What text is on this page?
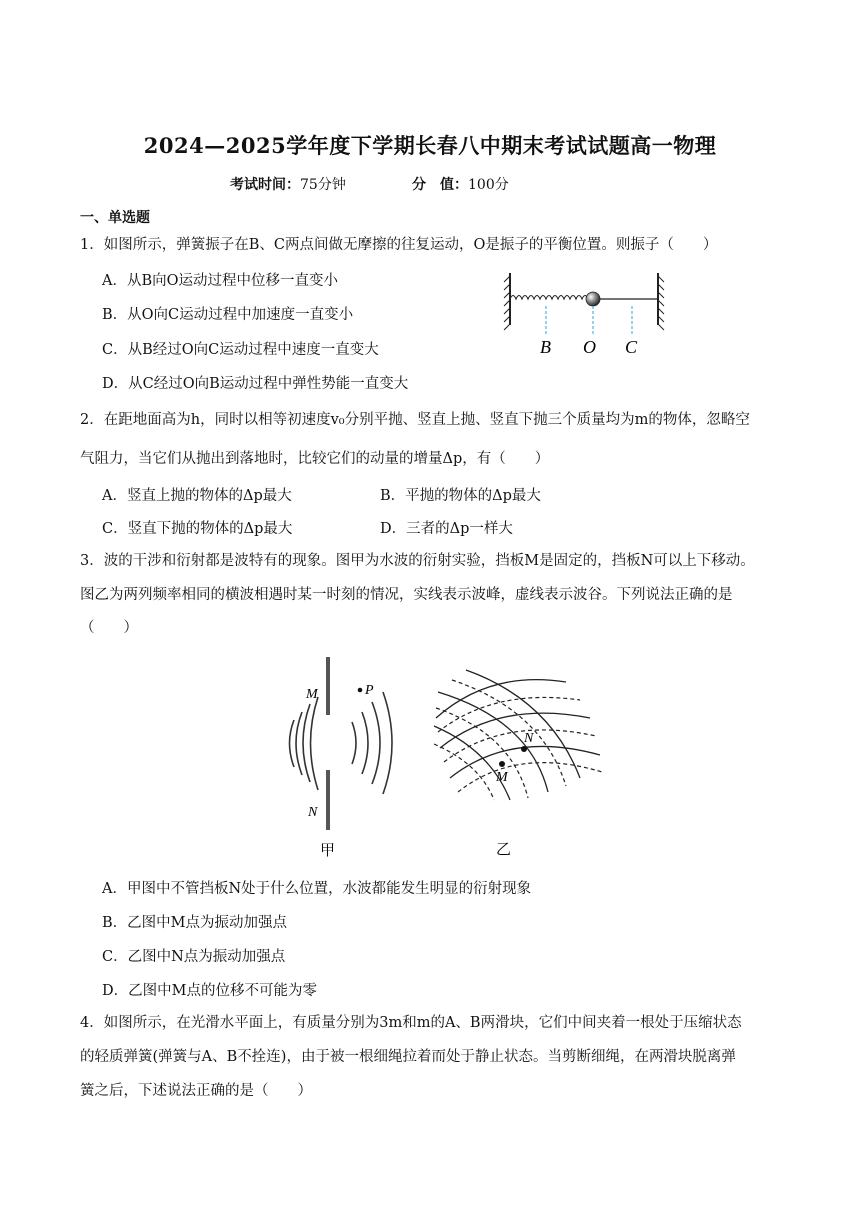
2024—2025学年度下学期长春八中期末考试试题高一物理
考试时间：75分钟	分　值：100分
一、单选题
1．如图所示，弹簧振子在B、C两点间做无摩擦的往复运动，O是振子的平衡位置。则振子（　　）
A．从B向O运动过程中位移一直变小
B．从O向C运动过程中加速度一直变小
C．从B经过O向C运动过程中速度一直变大
D．从C经过O向B运动过程中弹性势能一直变大
B O C
2．在距地面高为h，同时以相等初速度v₀分别平抛、竖直上抛、竖直下抛三个质量均为m的物体，忽略空
气阻力，当它们从抛出到落地时，比较它们的动量的增量Δp，有（　　）
A．竖直上抛的物体的Δp最大	B．平抛的物体的Δp最大
C．竖直下抛的物体的Δp最大	D．三者的Δp一样大
3．波的干涉和衍射都是波特有的现象。图甲为水波的衍射实验，挡板M是固定的，挡板N可以上下移动。
图乙为两列频率相同的横波相遇时某一时刻的情况，实线表示波峰，虚线表示波谷。下列说法正确的是
（　　）
M	P
N
甲
N
M
乙
A．甲图中不管挡板N处于什么位置，水波都能发生明显的衍射现象
B．乙图中M点为振动加强点
C．乙图中N点为振动加强点
D．乙图中M点的位移不可能为零
4．如图所示，在光滑水平面上，有质量分别为3m和m的A、B两滑块，它们中间夹着一根处于压缩状态
的轻质弹簧(弹簧与A、B不拴连)，由于被一根细绳拉着而处于静止状态。当剪断细绳，在两滑块脱离弹
簧之后，下述说法正确的是（　　）
